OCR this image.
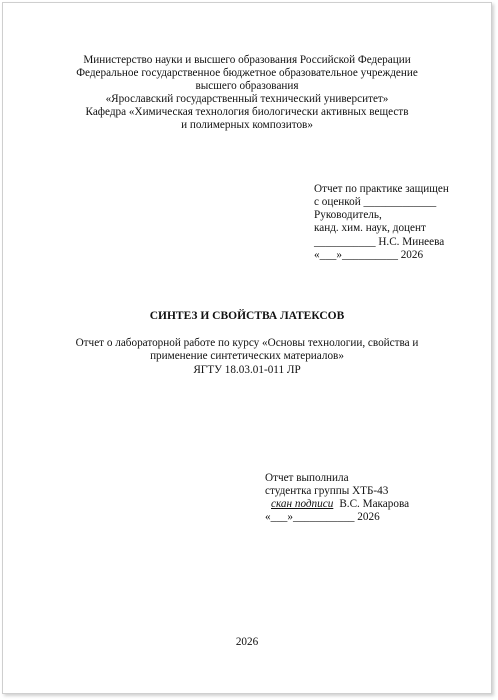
Министерство науки и высшего образования Российской Федерации
Федеральное государственное бюджетное образовательное учреждение
высшего образования
«Ярославский государственный технический университет»
Кафедра «Химическая технология биологически активных веществ
и полимерных композитов»
Отчет по практике защищен
с оценкой _____________
Руководитель,
канд. хим. наук, доцент
___________ Н.С. Минеева
«___»__________ 2026
СИНТЕЗ И СВОЙСТВА ЛАТЕКСОВ
Отчет о лабораторной работе по курсу «Основы технологии, свойства и
применение синтетических материалов»
ЯГТУ 18.03.01-011 ЛР
Отчет выполнила
студентка группы ХТБ-43
скан подписи В.С. Макарова
«___»___________ 2026
2026
